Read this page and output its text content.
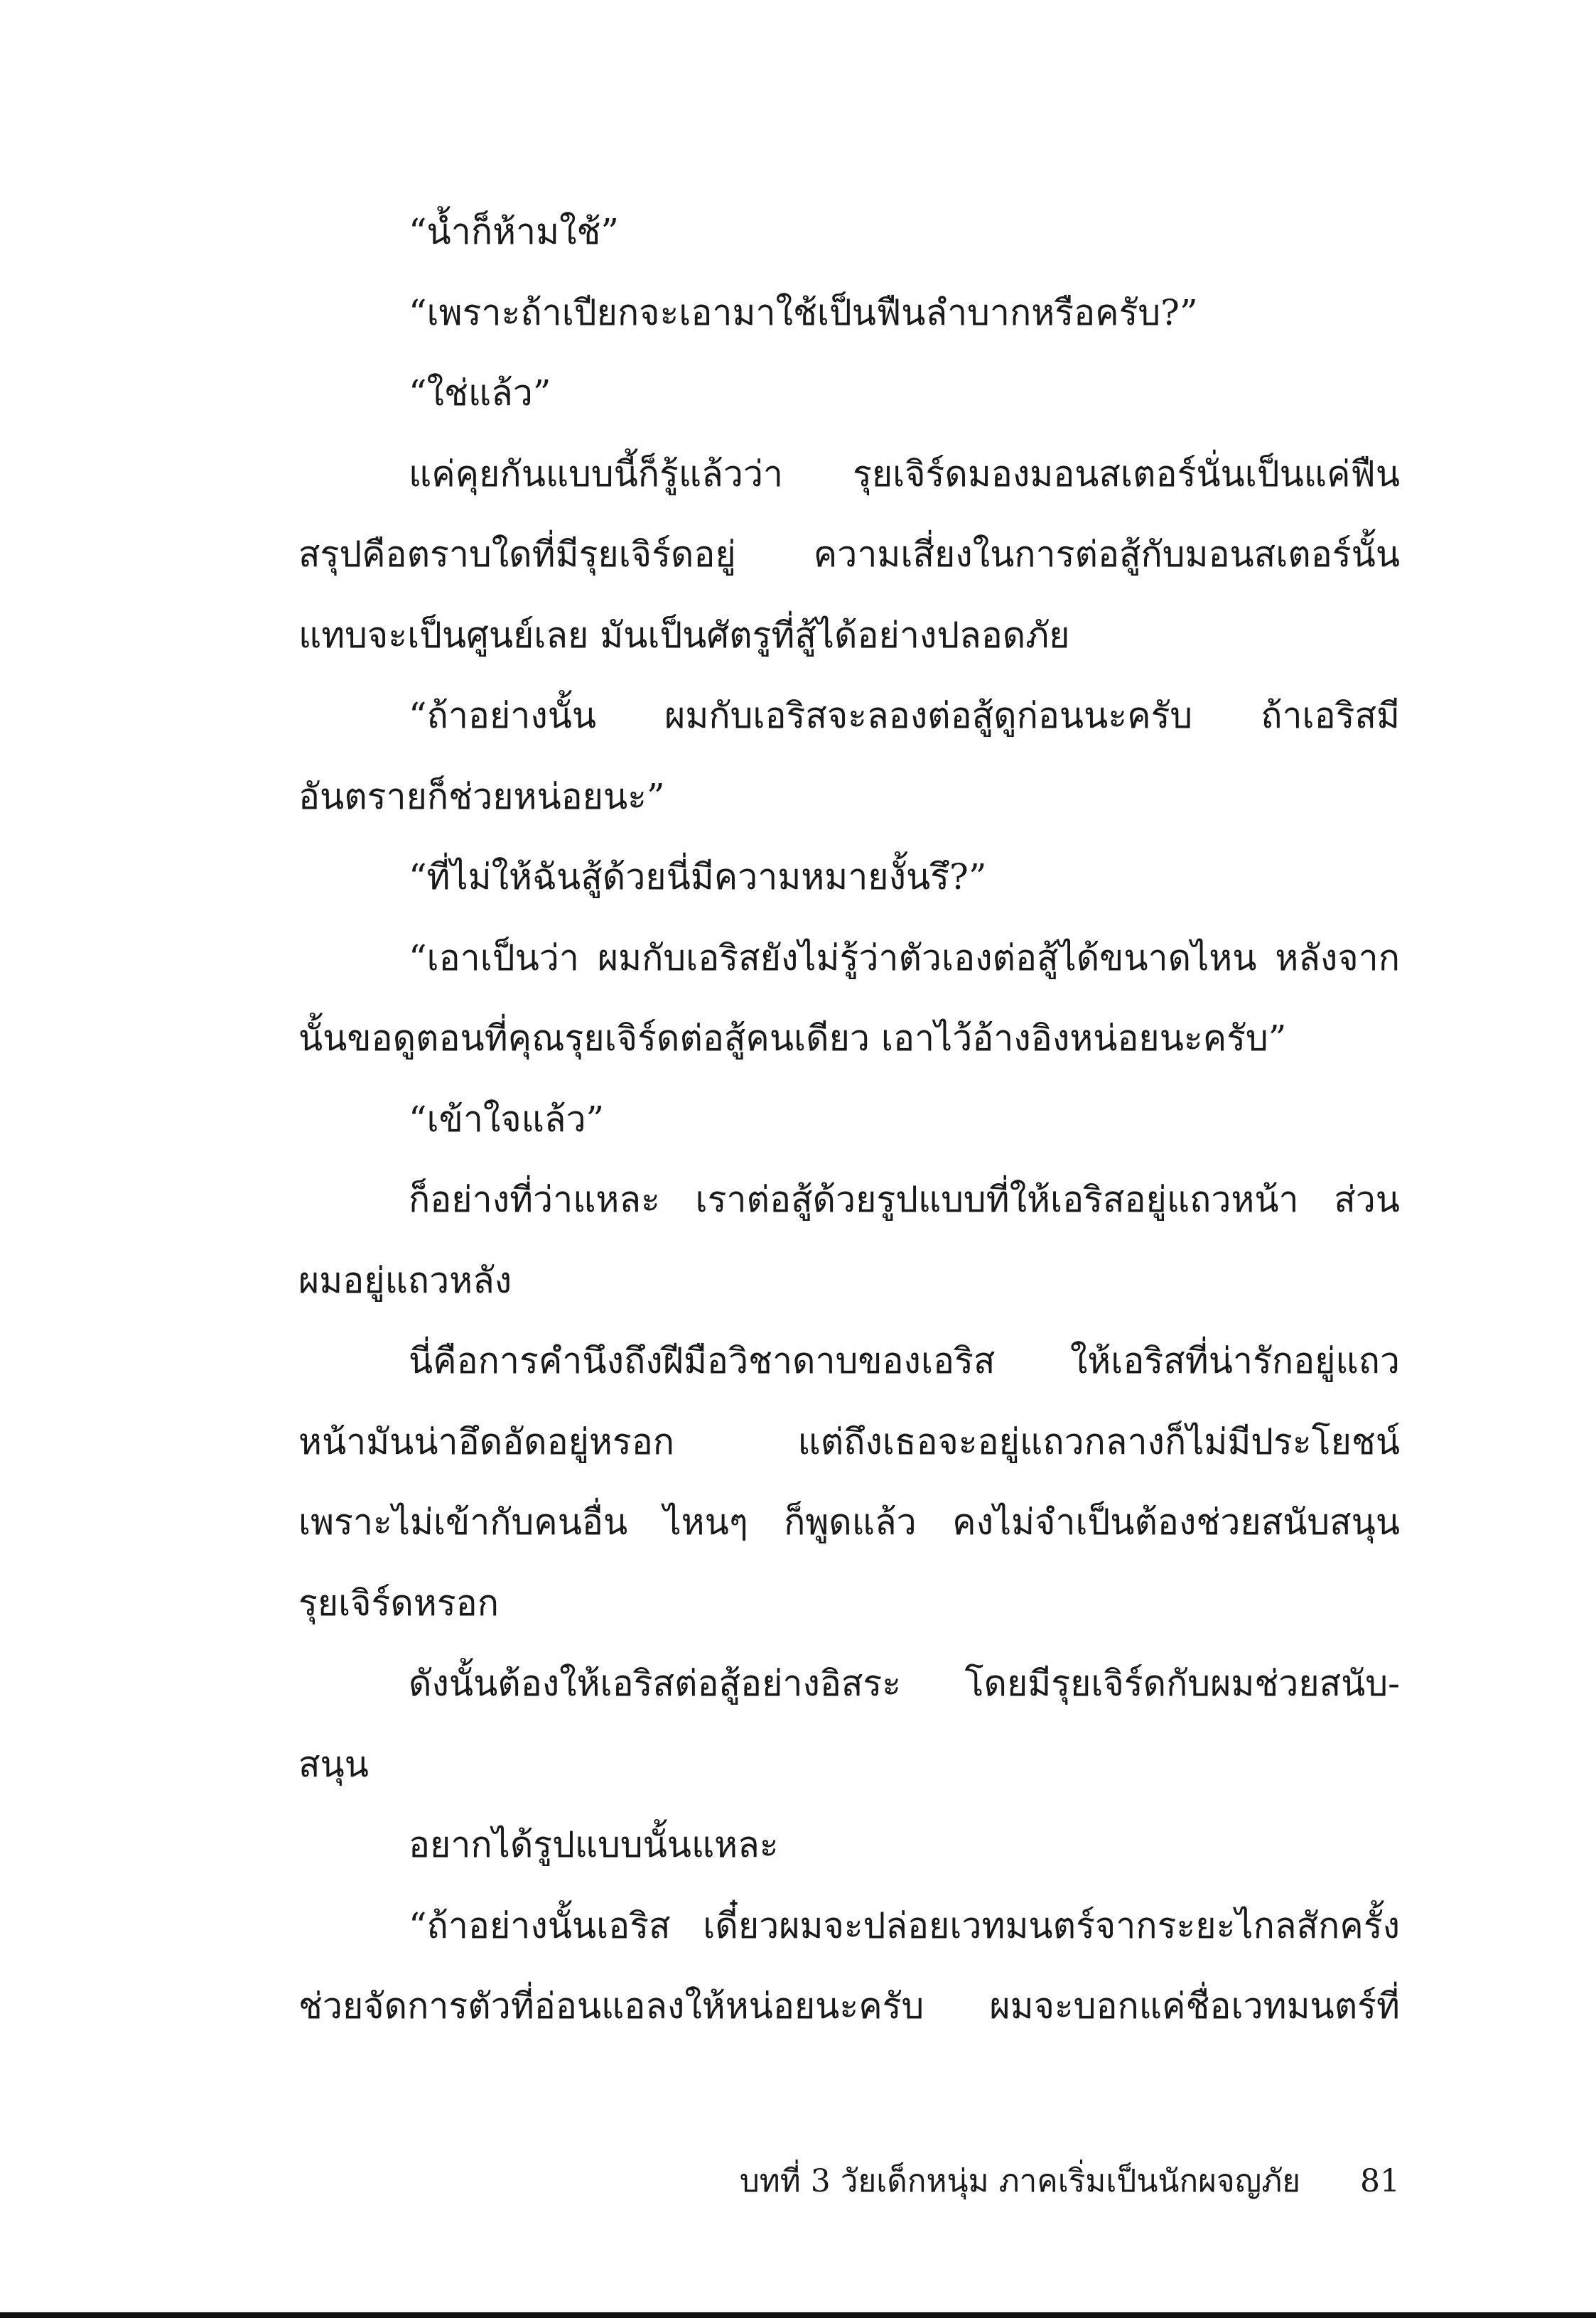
“น้ำก็ห้ามใช้”
“เพราะถ้าเปียกจะเอามาใช้เป็นฟืนลำบากหรือครับ?”
“ใช่แล้ว”
แค่คุยกันแบบนี้ก็รู้แล้วว่า รุยเจิร์ดมองมอนสเตอร์นั่นเป็นแค่ฟืน
สรุปคือตราบใดที่มีรุยเจิร์ดอยู่ ความเสี่ยงในการต่อสู้กับมอนสเตอร์นั้น
แทบจะเป็นศูนย์เลย มันเป็นศัตรูที่สู้ได้อย่างปลอดภัย
“ถ้าอย่างนั้น ผมกับเอริสจะลองต่อสู้ดูก่อนนะครับ ถ้าเอริสมี
อันตรายก็ช่วยหน่อยนะ”
“ที่ไม่ให้ฉันสู้ด้วยนี่มีความหมายงั้นรึ?”
“เอาเป็นว่า ผมกับเอริสยังไม่รู้ว่าตัวเองต่อสู้ได้ขนาดไหน หลังจาก
นั้นขอดูตอนที่คุณรุยเจิร์ดต่อสู้คนเดียว เอาไว้อ้างอิงหน่อยนะครับ”
“เข้าใจแล้ว”
ก็อย่างที่ว่าแหละ เราต่อสู้ด้วยรูปแบบที่ให้เอริสอยู่แถวหน้า ส่วน
ผมอยู่แถวหลัง
นี่คือการคำนึงถึงฝีมือวิชาดาบของเอริส ให้เอริสที่น่ารักอยู่แถว
หน้ามันน่าอึดอัดอยู่หรอก แต่ถึงเธอจะอยู่แถวกลางก็ไม่มีประโยชน์
เพราะไม่เข้ากับคนอื่น ไหนๆ ก็พูดแล้ว คงไม่จำเป็นต้องช่วยสนับสนุน
รุยเจิร์ดหรอก
ดังนั้นต้องให้เอริสต่อสู้อย่างอิสระ โดยมีรุยเจิร์ดกับผมช่วยสนับ-
สนุน
อยากได้รูปแบบนั้นแหละ
“ถ้าอย่างนั้นเอริส เดี๋ยวผมจะปล่อยเวทมนตร์จากระยะไกลสักครั้ง
ช่วยจัดการตัวที่อ่อนแอลงให้หน่อยนะครับ ผมจะบอกแค่ชื่อเวทมนตร์ที่
บทที่ 3 วัยเด็กหนุ่ม ภาคเริ่มเป็นนักผจญภัย 81
